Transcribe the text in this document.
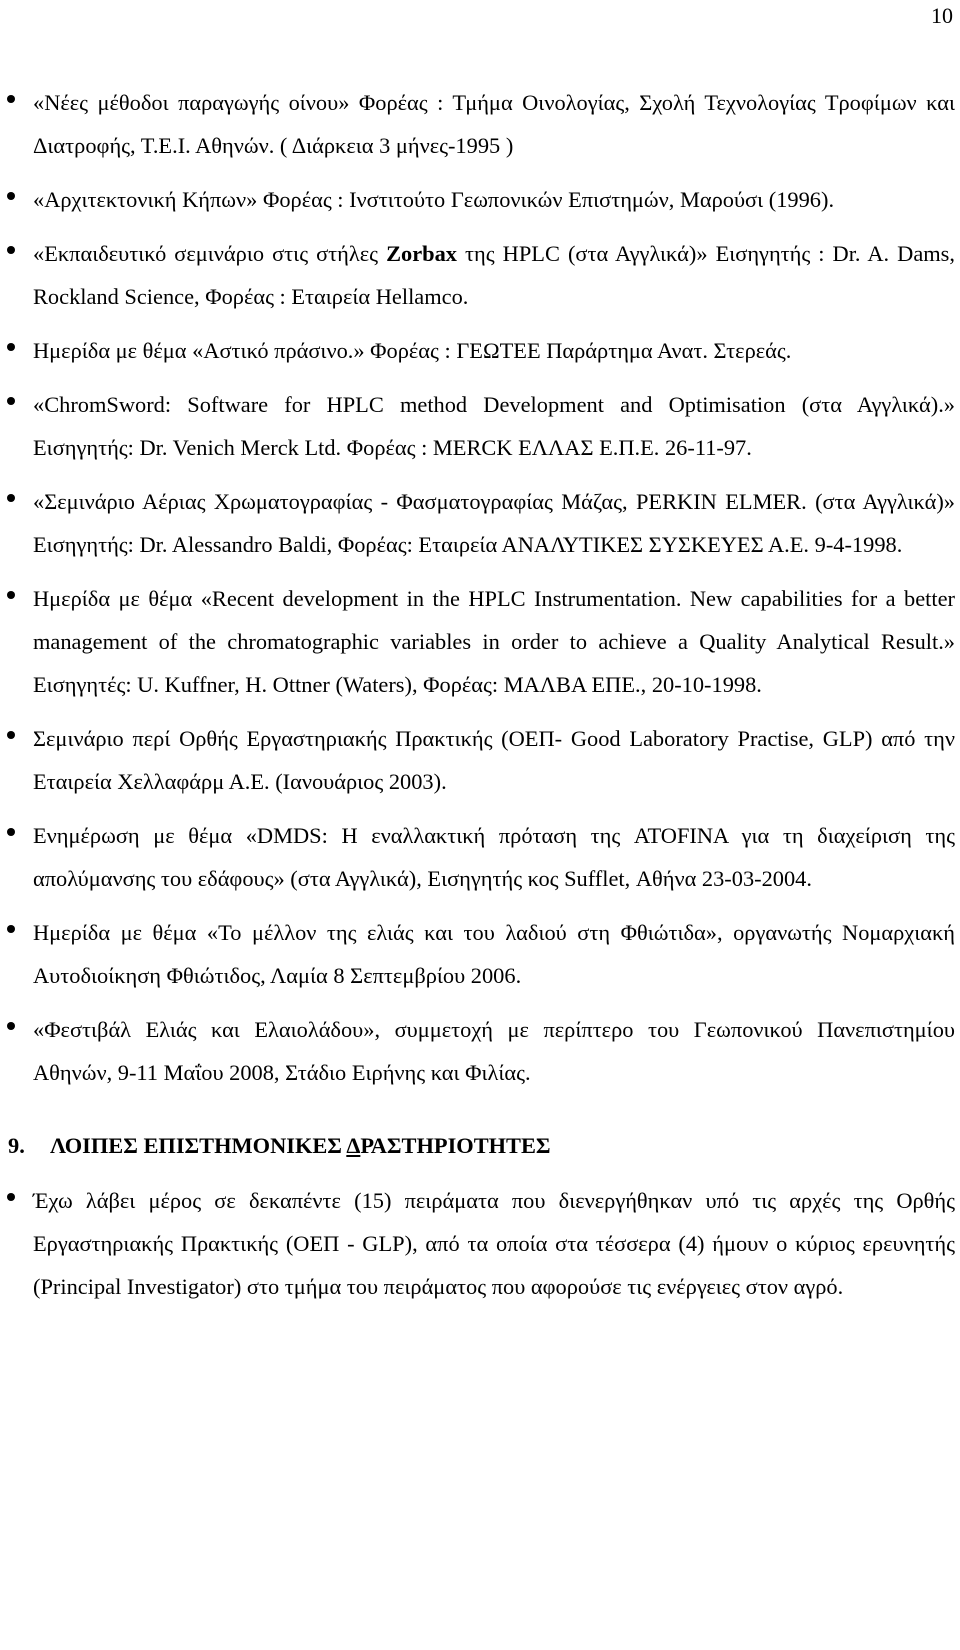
10
«Νέες μέθοδοι παραγωγής οίνου» Φορέας : Τμήμα Οινολογίας, Σχολή Τεχνολογίας Τροφίμων και Διατροφής, Τ.Ε.Ι. Αθηνών. ( Διάρκεια 3 μήνες-1995 )
«Αρχιτεκτονική Κήπων» Φορέας : Ινστιτούτο Γεωπονικών Επιστημών, Μαρούσι (1996).
«Εκπαιδευτικό σεμινάριο στις στήλες Zorbax της HPLC (στα Αγγλικά)» Εισηγητής : Dr. A. Dams, Rockland Science, Φορέας : Εταιρεία Hellamco.
Ημερίδα με θέμα «Αστικό πράσινο.» Φορέας : ΓΕΩΤΕΕ Παράρτημα Ανατ. Στερεάς.
«ChromSword: Software for HPLC method Development and Optimisation (στα Αγγλικά).» Εισηγητής: Dr. Venich Merck Ltd. Φορέας : MERCK ΕΛΛΑΣ Ε.Π.Ε. 26-11-97.
«Σεμινάριο Αέριας Χρωματογραφίας - Φασματογραφίας Μάζας, PERKIN ELMER. (στα Αγγλικά)» Εισηγητής: Dr. Alessandro Baldi, Φορέας: Εταιρεία ΑΝΑΛΥΤΙΚΕΣ ΣΥΣΚΕΥΕΣ Α.Ε. 9-4-1998.
Ημερίδα με θέμα «Recent development in the HPLC Instrumentation. New capabilities for a better management of the chromatographic variables in order to achieve a Quality Analytical Result.» Εισηγητές: U. Kuffner, H. Ottner (Waters), Φορέας: ΜΑΛΒΑ ΕΠΕ., 20-10-1998.
Σεμινάριο περί Ορθής Εργαστηριακής Πρακτικής (ΟΕΠ- Good Laboratory Practise, GLP) από την Εταιρεία Χελλαφάρμ Α.Ε. (Ιανουάριος 2003).
Ενημέρωση με θέμα «DMDS: Η εναλλακτική πρόταση της ATOFINA για τη διαχείριση της απολύμανσης του εδάφους» (στα Αγγλικά), Εισηγητής κος Sufflet, Αθήνα 23-03-2004.
Ημερίδα με θέμα «Το μέλλον της ελιάς και του λαδιού στη Φθιώτιδα», οργανωτής Νομαρχιακή Αυτοδιοίκηση Φθιώτιδος, Λαμία 8 Σεπτεμβρίου 2006.
«Φεστιβάλ Ελιάς και Ελαιολάδου», συμμετοχή με περίπτερο του Γεωπονικού Πανεπιστημίου Αθηνών, 9-11 Μαΐου 2008, Στάδιο Ειρήνης και Φιλίας.
9. ΛΟΙΠΕΣ ΕΠΙΣΤΗΜΟΝΙΚΕΣ ΔΡΑΣΤΗΡΙΟΤΗΤΕΣ
Έχω λάβει μέρος σε δεκαπέντε (15) πειράματα που διενεργήθηκαν υπό τις αρχές της Ορθής Εργαστηριακής Πρακτικής (ΟΕΠ - GLP), από τα οποία στα τέσσερα (4) ήμουν ο κύριος ερευνητής (Principal Investigator) στο τμήμα του πειράματος που αφορούσε τις ενέργειες στον αγρό.
